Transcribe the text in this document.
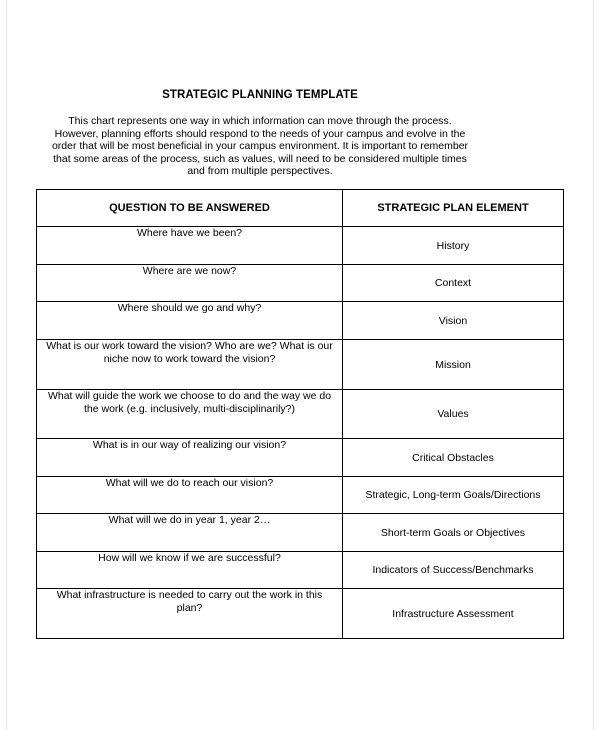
STRATEGIC PLANNING TEMPLATE
This chart represents one way in which information can move through the process.
However, planning efforts should respond to the needs of your campus and evolve in the
order that will be most beneficial in your campus environment. It is important to remember
that some areas of the process, such as values, will need to be considered multiple times
and from multiple perspectives.
QUESTION TO BE ANSWERED	STRATEGIC PLAN ELEMENT

Where have we been?	History

Where are we now?	Context

Where should we go and why?	Vision

What is our work toward the vision? Who are we? What is our
niche now to work toward the vision?	Mission

What will guide the work we choose to do and the way we do
the work (e.g. inclusively, multi-disciplinarily?)	Values

What is in our way of realizing our vision?	Critical Obstacles

What will we do to reach our vision?	Strategic, Long-term Goals/Directions

What will we do in year 1, year 2…	Short-term Goals or Objectives

How will we know if we are successful?	Indicators of Success/Benchmarks

What infrastructure is needed to carry out the work in this
plan?	Infrastructure Assessment
